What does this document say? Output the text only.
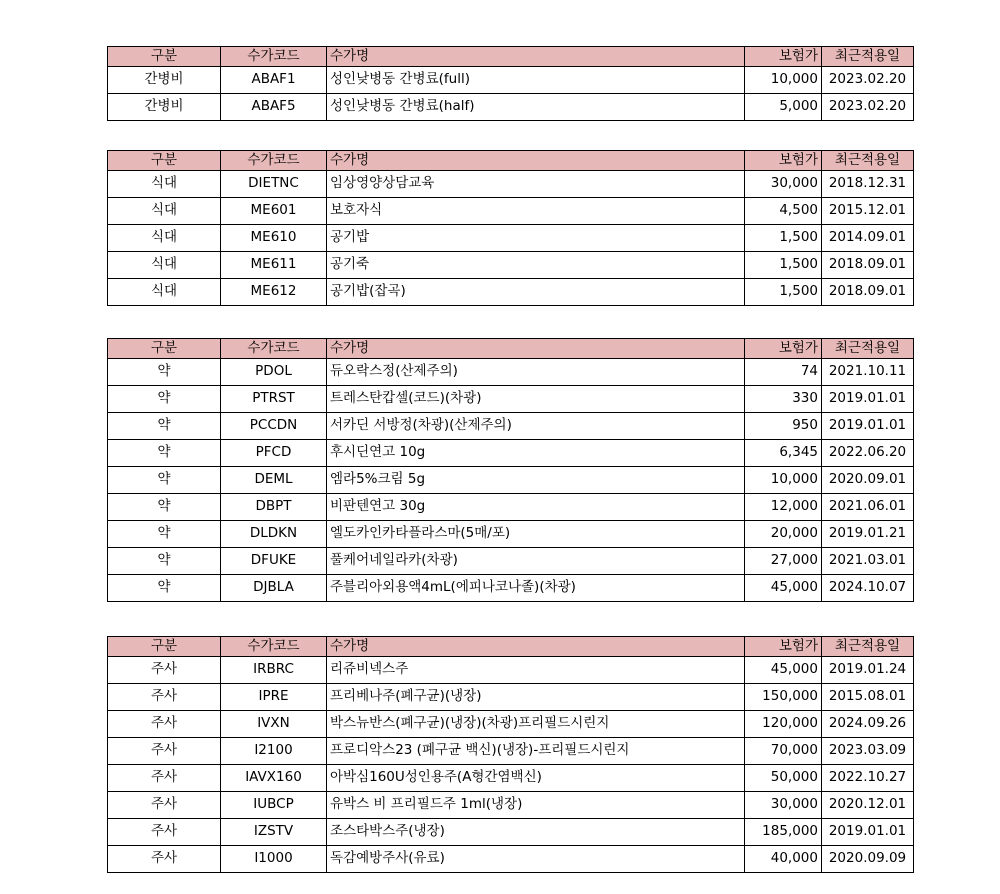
구분	수가코드	수가명	보험가	최근적용일
간병비	ABAF1	성인낮병동 간병료(full)	10,000	2023.02.20
간병비	ABAF5	성인낮병동 간병료(half)	5,000	2023.02.20
구분	수가코드	수가명	보험가	최근적용일
식대	DIETNC	임상영양상담교육	30,000	2018.12.31
식대	ME601	보호자식	4,500	2015.12.01
식대	ME610	공기밥	1,500	2014.09.01
식대	ME611	공기죽	1,500	2018.09.01
식대	ME612	공기밥(잡곡)	1,500	2018.09.01
구분	수가코드	수가명	보험가	최근적용일
약	PDOL	듀오락스정(산제주의)	74	2021.10.11
약	PTRST	트레스탄캅셀(코드)(차광)	330	2019.01.01
약	PCCDN	서카딘 서방정(차광)(산제주의)	950	2019.01.01
약	PFCD	후시딘연고 10g	6,345	2022.06.20
약	DEML	엠라5%크림 5g	10,000	2020.09.01
약	DBPT	비판텐연고 30g	12,000	2021.06.01
약	DLDKN	엘도카인카타플라스마(5매/포)	20,000	2019.01.21
약	DFUKE	풀케어네일라카(차광)	27,000	2021.03.01
약	DJBLA	주블리아외용액4mL(에피나코나졸)(차광)	45,000	2024.10.07
구분	수가코드	수가명	보험가	최근적용일
주사	IRBRC	리쥬비넥스주	45,000	2019.01.24
주사	IPRE	프리베나주(폐구균)(냉장)	150,000	2015.08.01
주사	IVXN	박스뉴반스(폐구균)(냉장)(차광)프리필드시린지	120,000	2024.09.26
주사	I2100	프로디악스23 (폐구균 백신)(냉장)-프리필드시린지	70,000	2023.03.09
주사	IAVX160	아박심160U성인용주(A형간염백신)	50,000	2022.10.27
주사	IUBCP	유박스 비 프리필드주 1ml(냉장)	30,000	2020.12.01
주사	IZSTV	조스타박스주(냉장)	185,000	2019.01.01
주사	I1000	독감예방주사(유료)	40,000	2020.09.09
